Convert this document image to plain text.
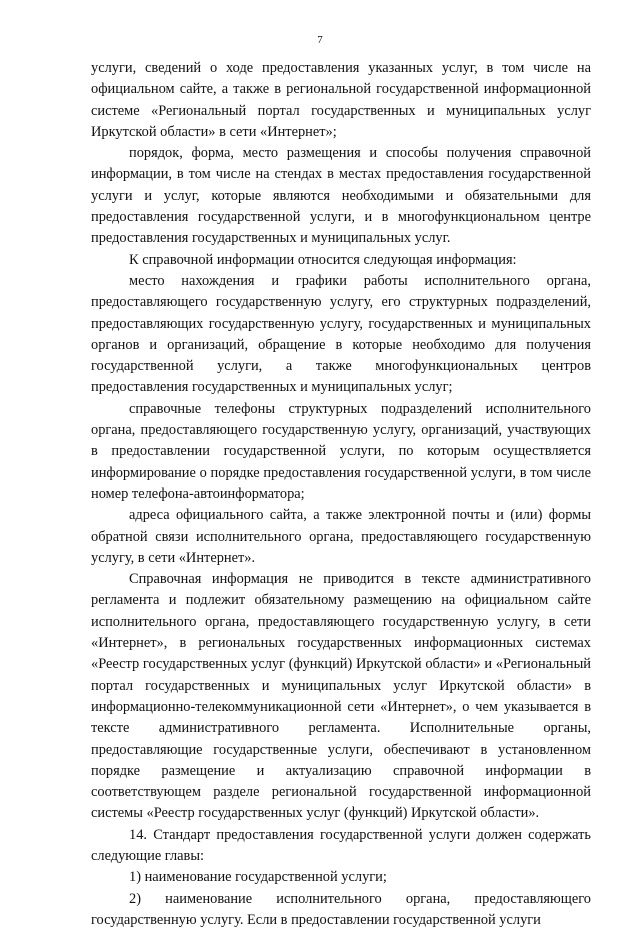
7

услуги, сведений о ходе предоставления указанных услуг, в том числе на официальном сайте, а также в региональной государственной информационной системе «Региональный портал государственных и муниципальных услуг Иркутской области» в сети «Интернет»;

порядок, форма, место размещения и способы получения справочной информации, в том числе на стендах в местах предоставления государственной услуги и услуг, которые являются необходимыми и обязательными для предоставления государственной услуги, и в многофункциональном центре предоставления государственных и муниципальных услуг.

К справочной информации относится следующая информация:

место нахождения и графики работы исполнительного органа, предоставляющего государственную услугу, его структурных подразделений, предоставляющих государственную услугу, государственных и муниципальных органов и организаций, обращение в которые необходимо для получения государственной услуги, а также многофункциональных центров предоставления государственных и муниципальных услуг;

справочные телефоны структурных подразделений исполнительного органа, предоставляющего государственную услугу, организаций, участвующих в предоставлении государственной услуги, по которым осуществляется информирование о порядке предоставления государственной услуги, в том числе номер телефона-автоинформатора;

адреса официального сайта, а также электронной почты и (или) формы обратной связи исполнительного органа, предоставляющего государственную услугу, в сети «Интернет».

Справочная информация не приводится в тексте административного регламента и подлежит обязательному размещению на официальном сайте исполнительного органа, предоставляющего государственную услугу, в сети «Интернет», в региональных государственных информационных системах «Реестр государственных услуг (функций) Иркутской области» и «Региональный портал государственных и муниципальных услуг Иркутской области» в информационно-телекоммуникационной сети «Интернет», о чем указывается в тексте административного регламента. Исполнительные органы, предоставляющие государственные услуги, обеспечивают в установленном порядке размещение и актуализацию справочной информации в соответствующем разделе региональной государственной информационной системы «Реестр государственных услуг (функций) Иркутской области».

14. Стандарт предоставления государственной услуги должен содержать следующие главы:

1) наименование государственной услуги;

2) наименование исполнительного органа, предоставляющего государственную услугу. Если в предоставлении государственной услуги
